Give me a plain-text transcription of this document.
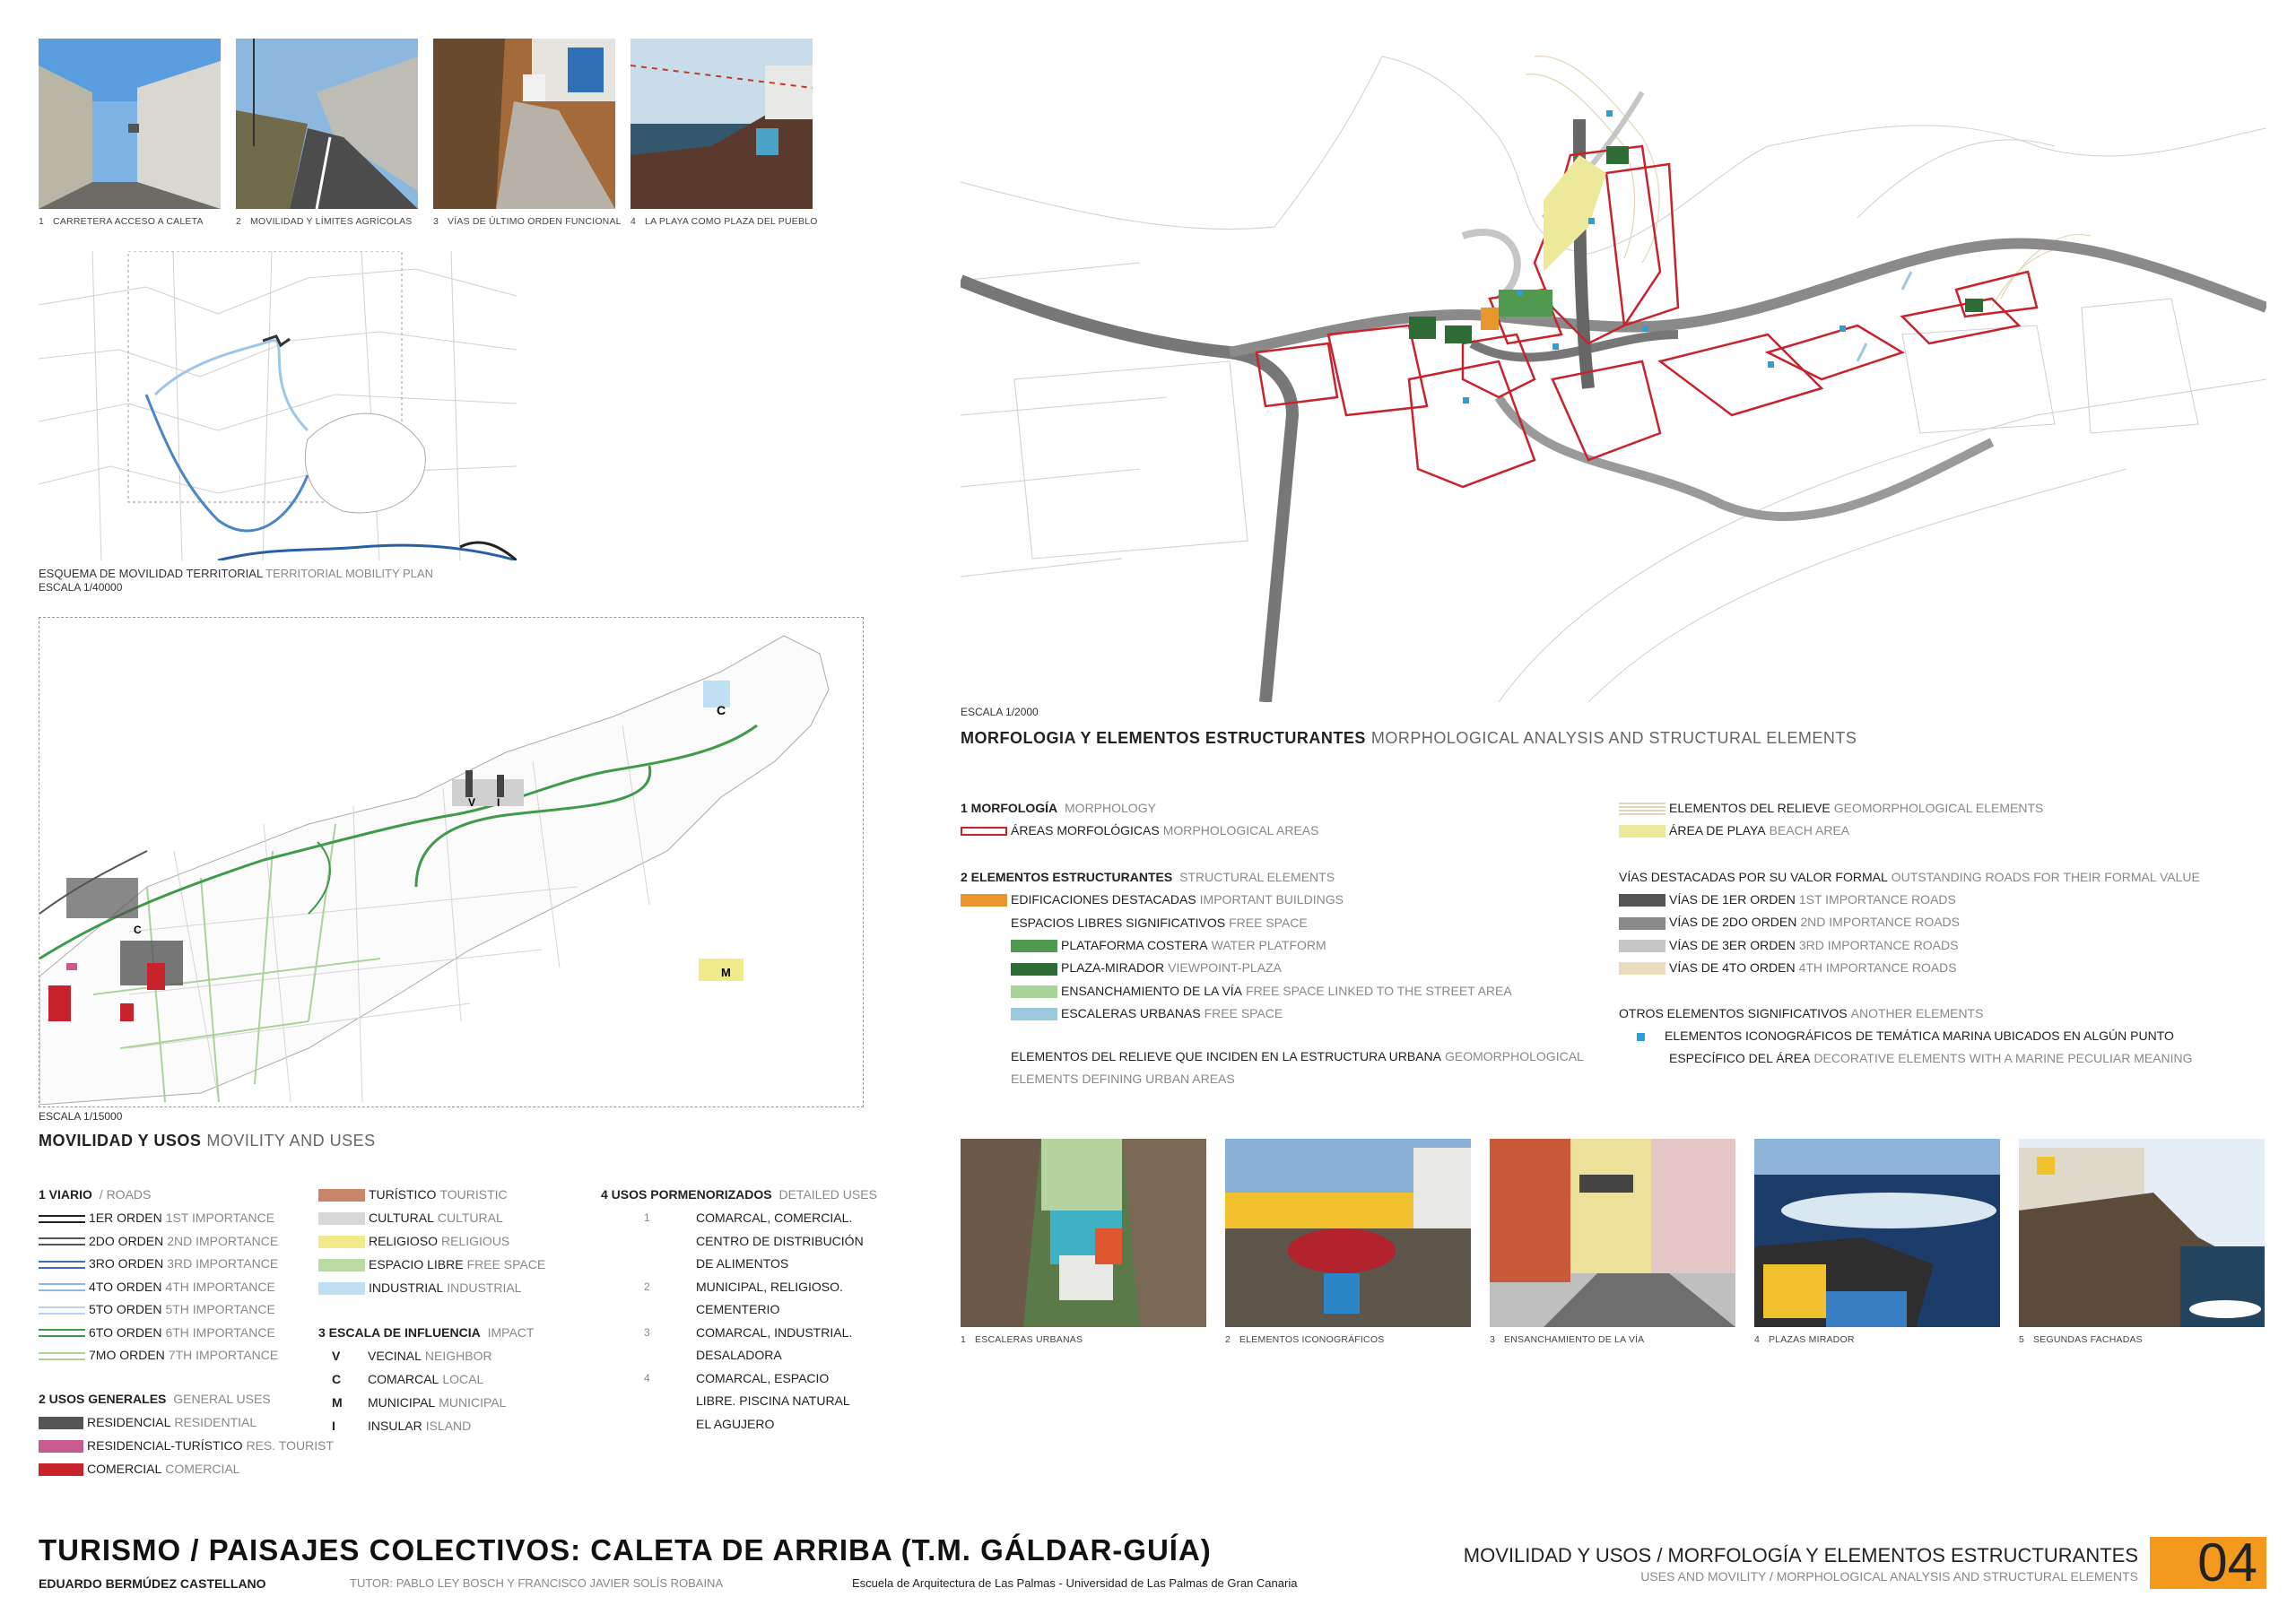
1 CARRETERA ACCESO A CALETA	2 MOVILIDAD Y LÍMITES AGRÍCOLAS 3 VÍAS DE ÚLTIMO ORDEN FUNCIONAL 4 LA PLAYA COMO PLAZA DEL PUEBLO
ESQUEMA DE MOVILIDAD TERRITORIAL TERRITORIAL MOBILITY PLAN
ESCALA 1/40000
C
V I
M
C
ESCALA 1/15000
MOVILIDAD Y USOS MOVILITY AND USES
1 VIARIO / ROADS
1ER ORDEN 1ST IMPORTANCE
2DO ORDEN 2ND IMPORTANCE
3RO ORDEN 3RD IMPORTANCE
4TO ORDEN 4TH IMPORTANCE
5TO ORDEN 5TH IMPORTANCE
6TO ORDEN 6TH IMPORTANCE
7MO ORDEN 7TH IMPORTANCE
2 USOS GENERALES GENERAL USES
RESIDENCIAL RESIDENTIAL
RESIDENCIAL-TURÍSTICO RES. TOURIST
COMERCIAL COMERCIAL
TURÍSTICO TOURISTIC
CULTURAL CULTURAL
RELIGIOSO RELIGIOUS
ESPACIO LIBRE FREE SPACE
INDUSTRIAL INDUSTRIAL
3 ESCALA DE INFLUENCIA IMPACT
V VECINAL NEIGHBOR
C COMARCAL LOCAL
M MUNICIPAL MUNICIPAL
I	INSULAR ISLAND
4 USOS PORMENORIZADOS DETAILED USES
1	COMARCAL, COMERCIAL.
CENTRO DE DISTRIBUCIÓN
DE ALIMENTOS
2	MUNICIPAL, RELIGIOSO.
CEMENTERIO
3	COMARCAL, INDUSTRIAL.
DESALADORA
4	COMARCAL, ESPACIO
LIBRE. PISCINA NATURAL
EL AGUJERO
ESCALA 1/2000
MORFOLOGIA Y ELEMENTOS ESTRUCTURANTES MORPHOLOGICAL ANALYSIS AND STRUCTURAL ELEMENTS
1 MORFOLOGÍA MORPHOLOGY
ÁREAS MORFOLÓGICAS MORPHOLOGICAL AREAS
2 ELEMENTOS ESTRUCTURANTES STRUCTURAL ELEMENTS
EDIFICACIONES DESTACADAS IMPORTANT BUILDINGS
ESPACIOS LIBRES SIGNIFICATIVOS FREE SPACE
PLATAFORMA COSTERA WATER PLATFORM
PLAZA-MIRADOR VIEWPOINT-PLAZA
ENSANCHAMIENTO DE LA VÍA FREE SPACE LINKED TO THE STREET AREA
ESCALERAS URBANAS FREE SPACE
ELEMENTOS DEL RELIEVE QUE INCIDEN EN LA ESTRUCTURA URBANA GEOMORPHOLOGICAL
ELEMENTS DEFINING URBAN AREAS
ELEMENTOS DEL RELIEVE GEOMORPHOLOGICAL ELEMENTS
ÁREA DE PLAYA BEACH AREA
VÍAS DESTACADAS POR SU VALOR FORMAL OUTSTANDING ROADS FOR THEIR FORMAL VALUE
VÍAS DE 1ER ORDEN 1ST IMPORTANCE ROADS
VÍAS DE 2DO ORDEN 2ND IMPORTANCE ROADS
VÍAS DE 3ER ORDEN 3RD IMPORTANCE ROADS
VÍAS DE 4TO ORDEN 4TH IMPORTANCE ROADS
OTROS ELEMENTOS SIGNIFICATIVOS ANOTHER ELEMENTS
ELEMENTOS ICONOGRÁFICOS DE TEMÁTICA MARINA UBICADOS EN ALGÚN PUNTO
ESPECÍFICO DEL ÁREA DECORATIVE ELEMENTS WITH A MARINE PECULIAR MEANING
1 ESCALERAS URBANAS	2 ELEMENTOS ICONOGRÁFICOS	3 ENSANCHAMIENTO DE LA VÍA	4 PLAZAS MIRADOR	5 SEGUNDAS FACHADAS
TURISMO / PAISAJES COLECTIVOS: CALETA DE ARRIBA (T.M. GÁLDAR-GUÍA)
EDUARDO BERMÚDEZ CASTELLANO	TUTOR: PABLO LEY BOSCH Y FRANCISCO JAVIER SOLÍS ROBAINA	Escuela de Arquitectura de Las Palmas - Universidad de Las Palmas de Gran Canaria
MOVILIDAD Y USOS / MORFOLOGÍA Y ELEMENTOS ESTRUCTURANTES
USES AND MOVILITY / MORPHOLOGICAL ANALYSIS AND STRUCTURAL ELEMENTS	04
